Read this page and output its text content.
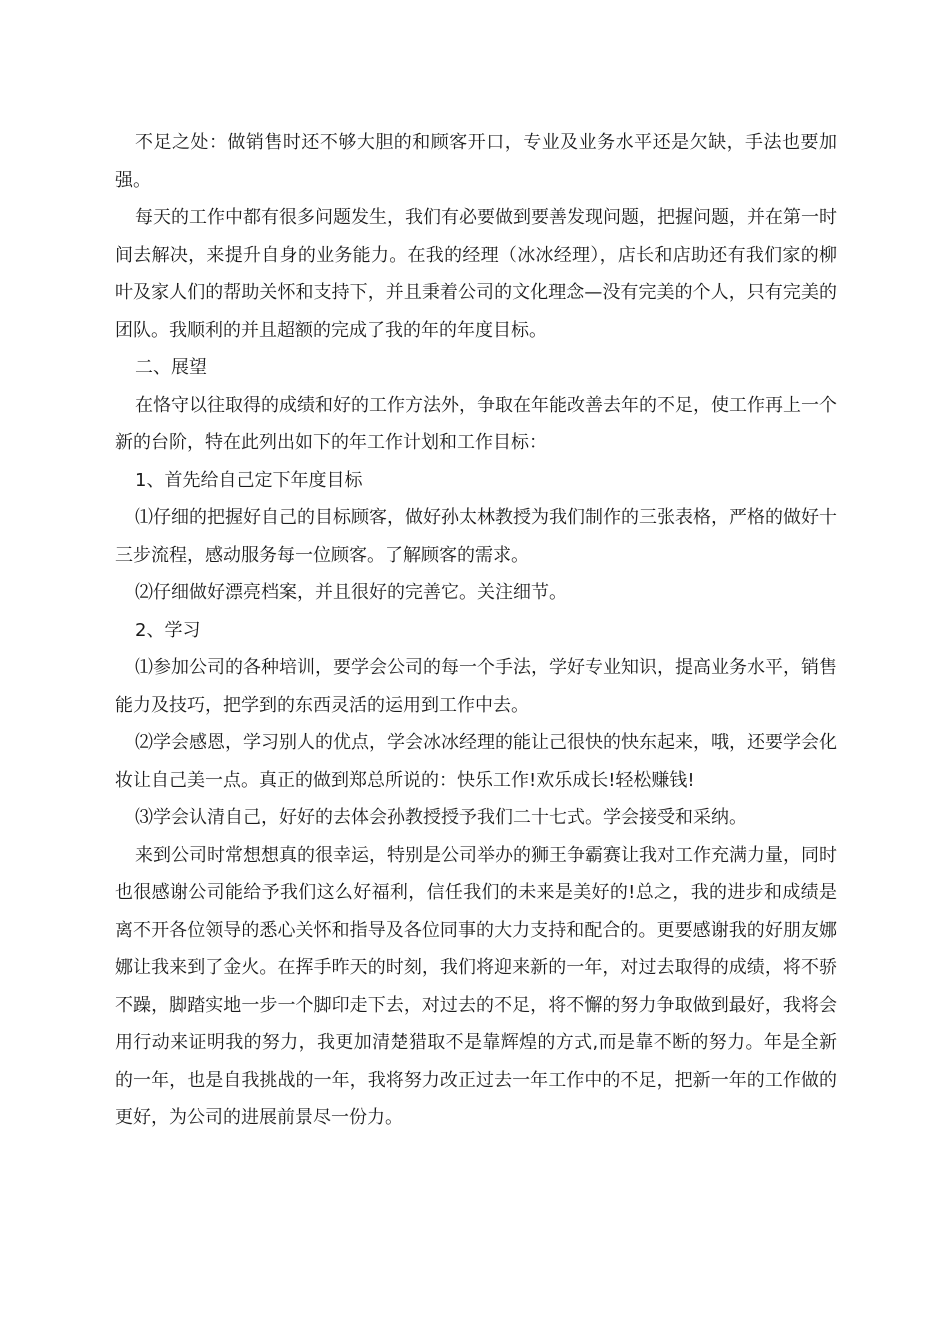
不足之处：做销售时还不够大胆的和顾客开口，专业及业务水平还是欠缺，手法也要加强。

每天的工作中都有很多问题发生，我们有必要做到要善发现问题，把握问题，并在第一时间去解决，来提升自身的业务能力。在我的经理（冰冰经理），店长和店助还有我们家的柳叶及家人们的帮助关怀和支持下，并且秉着公司的文化理念—没有完美的个人，只有完美的团队。我顺利的并且超额的完成了我的年的年度目标。

二、展望

在恪守以往取得的成绩和好的工作方法外，争取在年能改善去年的不足，使工作再上一个新的台阶，特在此列出如下的年工作计划和工作目标：

1、首先给自己定下年度目标

⑴仔细的把握好自己的目标顾客，做好孙太林教授为我们制作的三张表格，严格的做好十三步流程，感动服务每一位顾客。了解顾客的需求。

⑵仔细做好漂亮档案，并且很好的完善它。关注细节。

2、学习

⑴参加公司的各种培训，要学会公司的每一个手法，学好专业知识，提高业务水平，销售能力及技巧，把学到的东西灵活的运用到工作中去。

⑵学会感恩，学习别人的优点，学会冰冰经理的能让己很快的快东起来，哦，还要学会化妆让自己美一点。真正的做到郑总所说的：快乐工作!欢乐成长!轻松赚钱!

⑶学会认清自己，好好的去体会孙教授授予我们二十七式。学会接受和采纳。

来到公司时常想想真的很幸运，特别是公司举办的狮王争霸赛让我对工作充满力量，同时也很感谢公司能给予我们这么好福利，信任我们的未来是美好的!总之，我的进步和成绩是离不开各位领导的悉心关怀和指导及各位同事的大力支持和配合的。更要感谢我的好朋友娜娜让我来到了金火。在挥手昨天的时刻，我们将迎来新的一年，对过去取得的成绩，将不骄不躁，脚踏实地一步一个脚印走下去，对过去的不足，将不懈的努力争取做到最好，我将会用行动来证明我的努力，我更加清楚猎取不是靠辉煌的方式,而是靠不断的努力。年是全新的一年，也是自我挑战的一年，我将努力改正过去一年工作中的不足，把新一年的工作做的更好，为公司的进展前景尽一份力。
